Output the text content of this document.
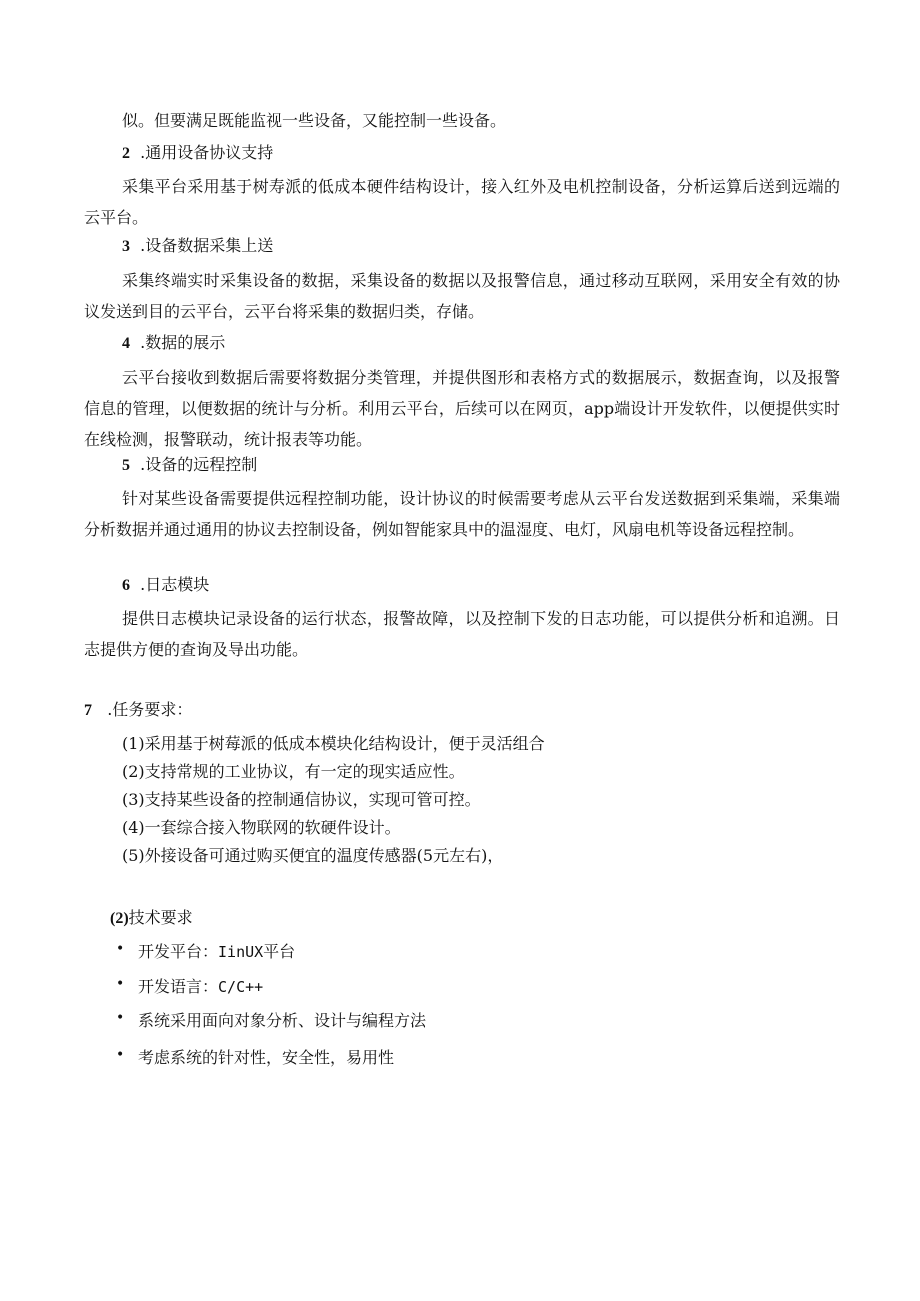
似。但要满足既能监视一些设备，又能控制一些设备。
2 .通用设备协议支持
采集平台采用基于树寿派的低成本硬件结构设计，接入红外及电机控制设备，分析运算后送到远端的云平台。
3 .设备数据采集上送
采集终端实时采集设备的数据，采集设备的数据以及报警信息，通过移动互联网，采用安全有效的协议发送到目的云平台，云平台将采集的数据归类，存储。
4 .数据的展示
云平台接收到数据后需要将数据分类管理，并提供图形和表格方式的数据展示，数据查询，以及报警信息的管理，以便数据的统计与分析。利用云平台，后续可以在网页，app端设计开发软件，以便提供实时在线检测，报警联动，统计报表等功能。
5 .设备的远程控制
针对某些设备需要提供远程控制功能，设计协议的时候需要考虑从云平台发送数据到采集端，采集端分析数据并通过通用的协议去控制设备，例如智能家具中的温湿度、电灯，风扇电机等设备远程控制。
6 .日志模块
提供日志模块记录设备的运行状态，报警故障，以及控制下发的日志功能，可以提供分析和追溯。日志提供方便的查询及导出功能。
7 .任务要求：
(1)采用基于树莓派的低成本模块化结构设计，便于灵活组合
(2)支持常规的工业协议，有一定的现实适应性。
(3)支持某些设备的控制通信协议，实现可管可控。
(4)一套综合接入物联网的软硬件设计。
(5)外接设备可通过购买便宜的温度传感器(5元左右)，
(2)技术要求
• 开发平台：IinUX平台
• 开发语言：C/C++
• 系统采用面向对象分析、设计与编程方法
• 考虑系统的针对性，安全性，易用性
